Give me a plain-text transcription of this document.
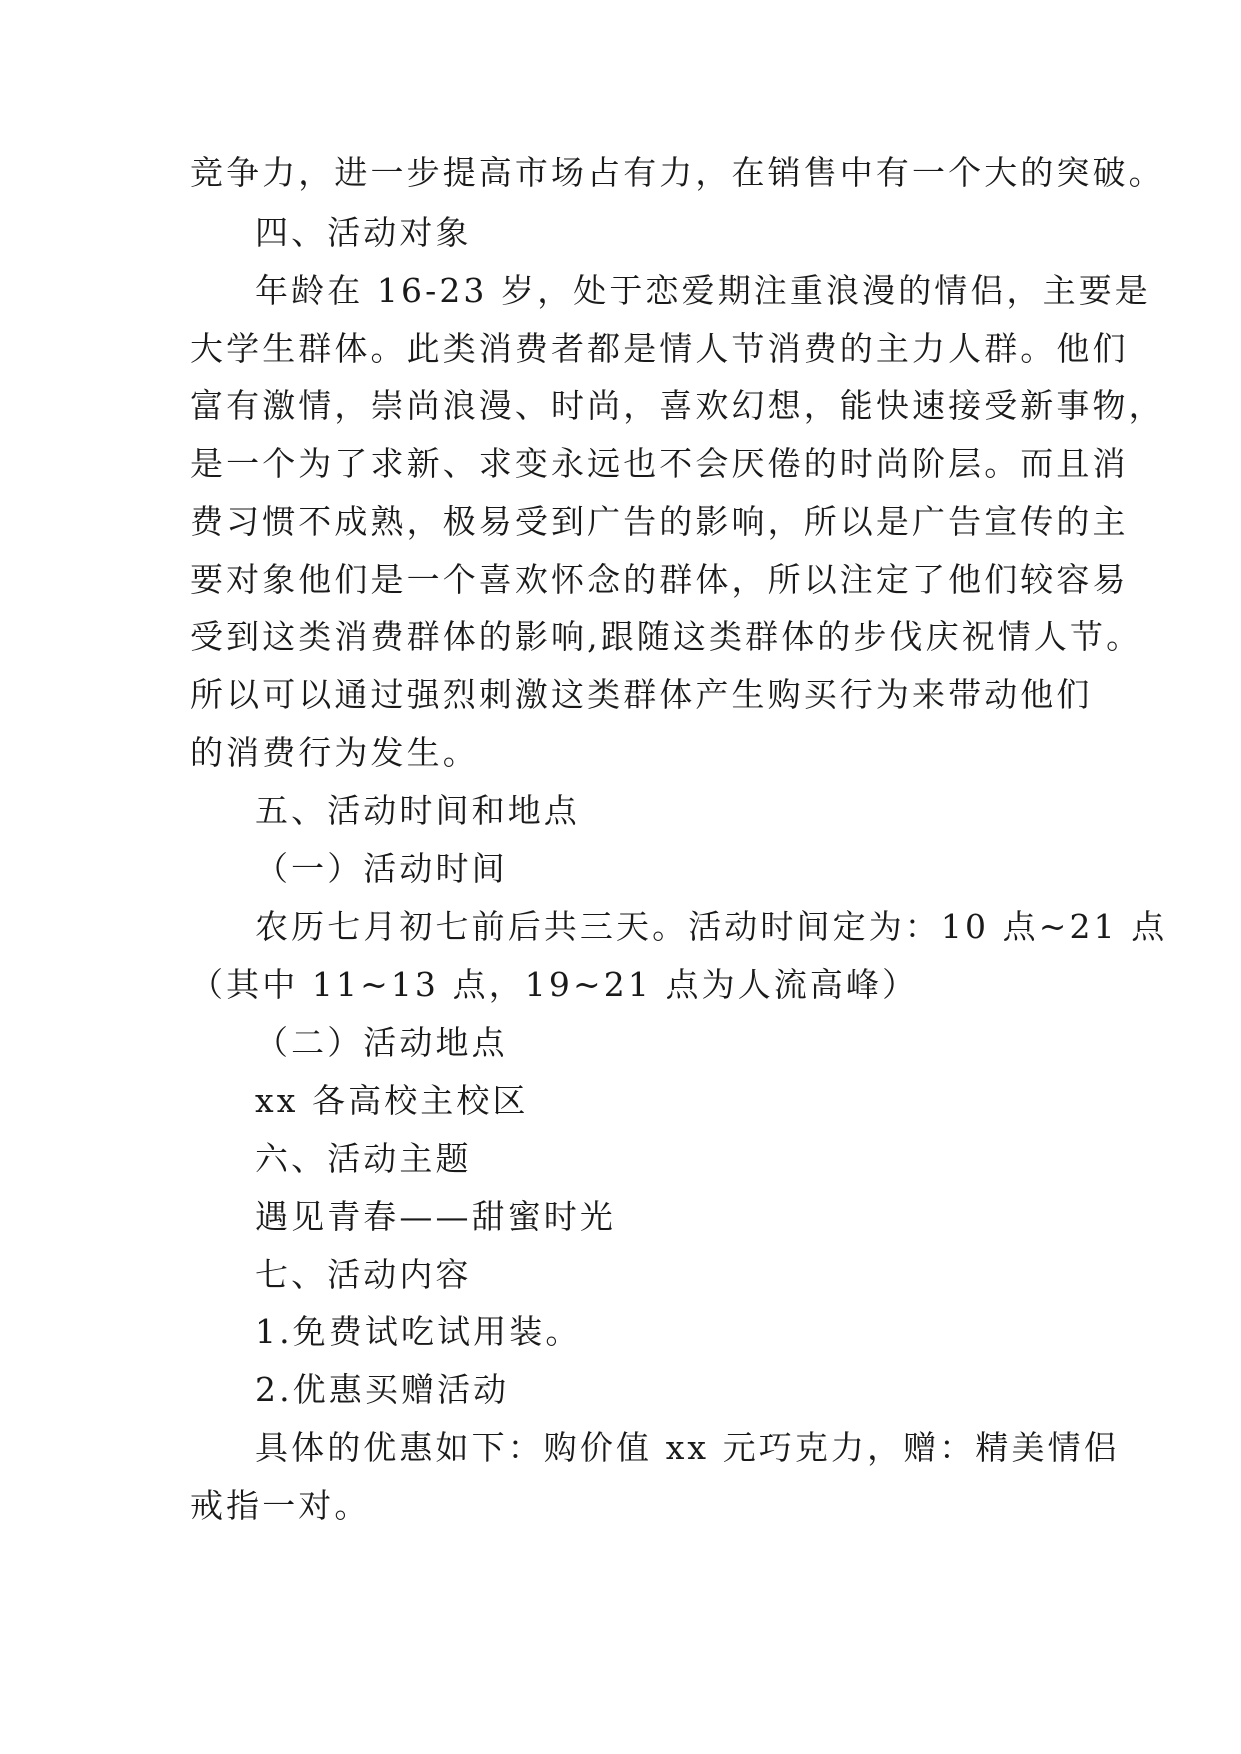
竞争力，进一步提高市场占有力，在销售中有一个大的突破。
四、活动对象
年龄在 16-23 岁，处于恋爱期注重浪漫的情侣，主要是
大学生群体。此类消费者都是情人节消费的主力人群。他们
富有激情，崇尚浪漫、时尚，喜欢幻想，能快速接受新事物，
是一个为了求新、求变永远也不会厌倦的时尚阶层。而且消
费习惯不成熟，极易受到广告的影响，所以是广告宣传的主
要对象他们是一个喜欢怀念的群体，所以注定了他们较容易
受到这类消费群体的影响,跟随这类群体的步伐庆祝情人节。
所以可以通过强烈刺激这类群体产生购买行为来带动他们
的消费行为发生。
五、活动时间和地点
（一）活动时间
农历七月初七前后共三天。活动时间定为：10 点~21 点
（其中 11~13 点，19~21 点为人流高峰）
（二）活动地点
xx 各高校主校区
六、活动主题
遇见青春——甜蜜时光
七、活动内容
1.免费试吃试用装。
2.优惠买赠活动
具体的优惠如下：购价值 xx 元巧克力，赠：精美情侣
戒指一对。
